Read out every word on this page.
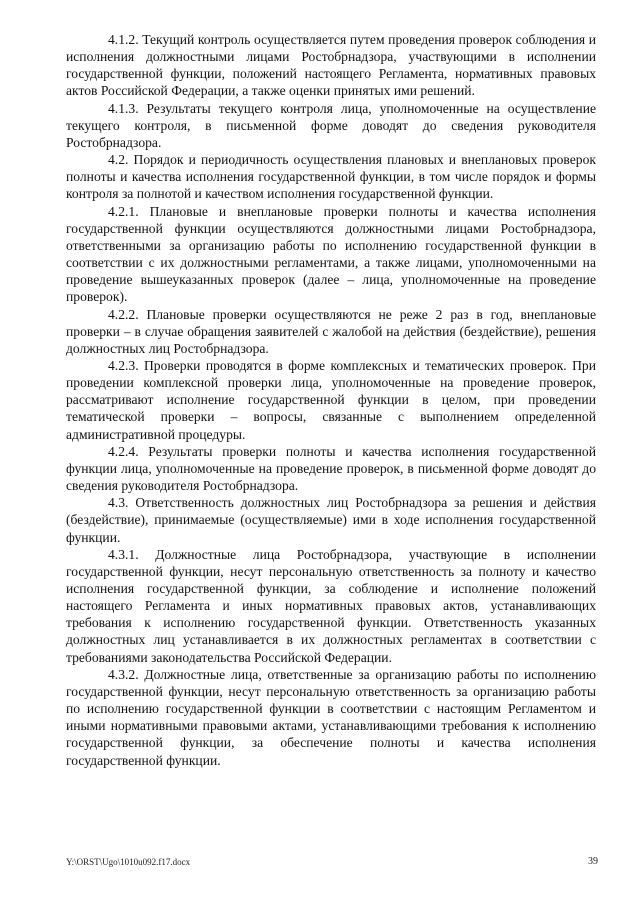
4.1.2. Текущий контроль осуществляется путем проведения проверок соблюдения и исполнения должностными лицами Ростобрнадзора, участвующими в исполнении государственной функции, положений настоящего Регламента, нормативных правовых актов Российской Федерации, а также оценки принятых ими решений.

4.1.3. Результаты текущего контроля лица, уполномоченные на осуществление текущего контроля, в письменной форме доводят до сведения руководителя Ростобрнадзора.

4.2. Порядок и периодичность осуществления плановых и внеплановых проверок полноты и качества исполнения государственной функции, в том числе порядок и формы контроля за полнотой и качеством исполнения государственной функции.

4.2.1. Плановые и внеплановые проверки полноты и качества исполнения государственной функции осуществляются должностными лицами Ростобрнадзора, ответственными за организацию работы по исполнению государственной функции в соответствии с их должностными регламентами, а также лицами, уполномоченными на проведение вышеуказанных проверок (далее – лица, уполномоченные на проведение проверок).

4.2.2. Плановые проверки осуществляются не реже 2 раз в год, внеплановые проверки – в случае обращения заявителей с жалобой на действия (бездействие), решения должностных лиц Ростобрнадзора.

4.2.3. Проверки проводятся в форме комплексных и тематических проверок. При проведении комплексной проверки лица, уполномоченные на проведение проверок, рассматривают исполнение государственной функции в целом, при проведении тематической проверки – вопросы, связанные с выполнением определенной административной процедуры.

4.2.4. Результаты проверки полноты и качества исполнения государственной функции лица, уполномоченные на проведение проверок, в письменной форме доводят до сведения руководителя Ростобрнадзора.

4.3. Ответственность должностных лиц Ростобрнадзора за решения и действия (бездействие), принимаемые (осуществляемые) ими в ходе исполнения государственной функции.

4.3.1. Должностные лица Ростобрнадзора, участвующие в исполнении государственной функции, несут персональную ответственность за полноту и качество исполнения государственной функции, за соблюдение и исполнение положений настоящего Регламента и иных нормативных правовых актов, устанавливающих требования к исполнению государственной функции. Ответственность указанных должностных лиц устанавливается в их должностных регламентах в соответствии с требованиями законодательства Российской Федерации.

4.3.2. Должностные лица, ответственные за организацию работы по исполнению государственной функции, несут персональную ответственность за организацию работы по исполнению государственной функции в соответствии с настоящим Регламентом и иными нормативными правовыми актами, устанавливающими требования к исполнению государственной функции, за обеспечение полноты и качества исполнения государственной функции.

Y:\ORST\Ugo\1010u092.f17.docx	39
